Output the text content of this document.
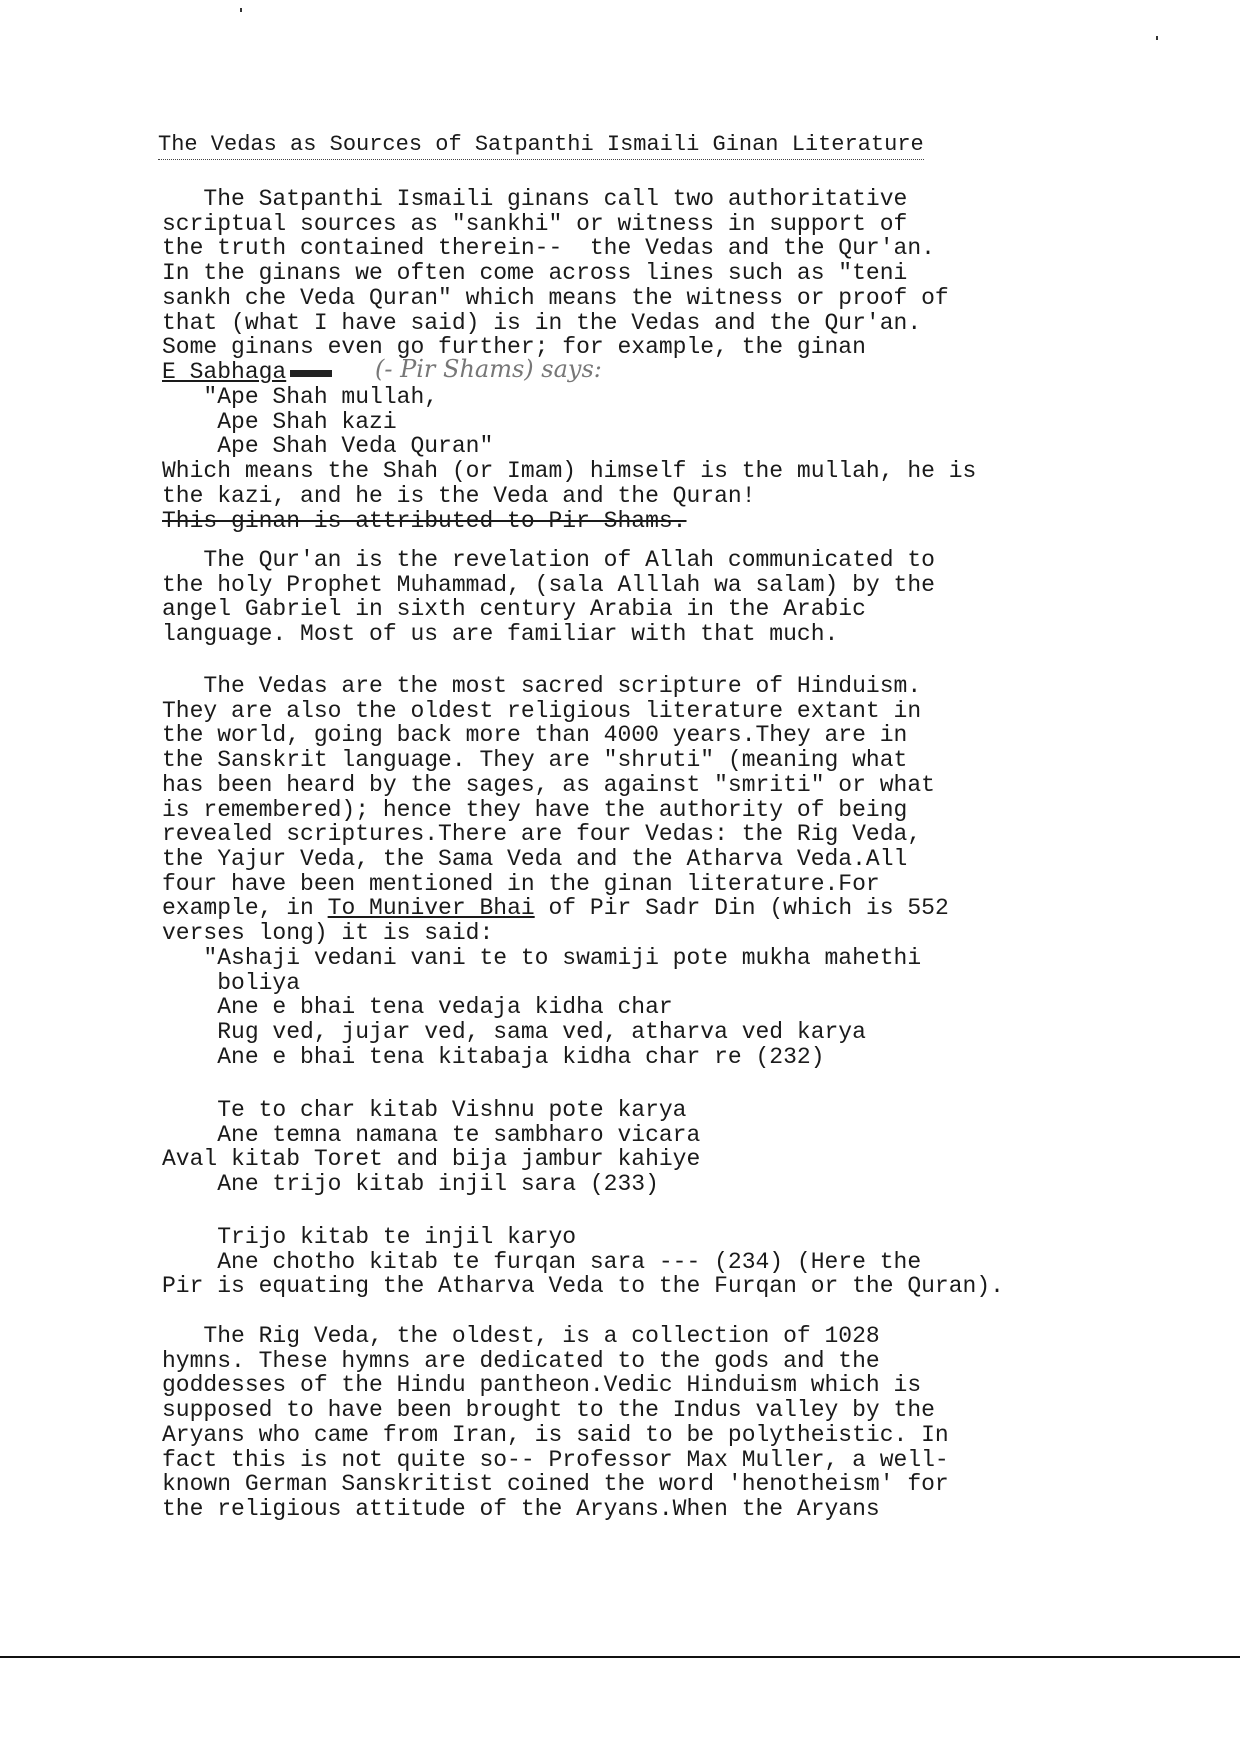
The Vedas as Sources of Satpanthi Ismaili Ginan Literature
The Satpanthi Ismaili ginans call two authoritative
scriptual sources as "sankhi" or witness in support of
the truth contained therein--  the Vedas and the Qur'an.
In the ginans we often come across lines such as "teni
sankh che Veda Quran" which means the witness or proof of
that (what I have said) is in the Vedas and the Qur'an.
Some ginans even go further; for example, the ginan
E Sabhaga	(- Pir Shams) says:
"Ape Shah mullah,
Ape Shah kazi
Ape Shah Veda Quran"
Which means the Shah (or Imam) himself is the mullah, he is
the kazi, and he is the Veda and the Quran!
This ginan is attributed to Pir Shams.
The Qur'an is the revelation of Allah communicated to
the holy Prophet Muhammad, (sala Alllah wa salam) by the
angel Gabriel in sixth century Arabia in the Arabic
language. Most of us are familiar with that much.
The Vedas are the most sacred scripture of Hinduism.
They are also the oldest religious literature extant in
the world, going back more than 4000 years.They are in
the Sanskrit language. They are "shruti" (meaning what
has been heard by the sages, as against "smriti" or what
is remembered); hence they have the authority of being
revealed scriptures.There are four Vedas: the Rig Veda,
the Yajur Veda, the Sama Veda and the Atharva Veda.All
four have been mentioned in the ginan literature.For
example, in To Muniver Bhai of Pir Sadr Din (which is 552
verses long) it is said:
"Ashaji vedani vani te to swamiji pote mukha mahethi
boliya
Ane e bhai tena vedaja kidha char
Rug ved, jujar ved, sama ved, atharva ved karya
Ane e bhai tena kitabaja kidha char re (232)
Te to char kitab Vishnu pote karya
Ane temna namana te sambharo vicara
Aval kitab Toret and bija jambur kahiye
Ane trijo kitab injil sara (233)
Trijo kitab te injil karyo
Ane chotho kitab te furqan sara --- (234) (Here the
Pir is equating the Atharva Veda to the Furqan or the Quran).
The Rig Veda, the oldest, is a collection of 1028
hymns. These hymns are dedicated to the gods and the
goddesses of the Hindu pantheon.Vedic Hinduism which is
supposed to have been brought to the Indus valley by the
Aryans who came from Iran, is said to be polytheistic. In
fact this is not quite so-- Professor Max Muller, a well-
known German Sanskritist coined the word 'henotheism' for
the religious attitude of the Aryans.When the Aryans
